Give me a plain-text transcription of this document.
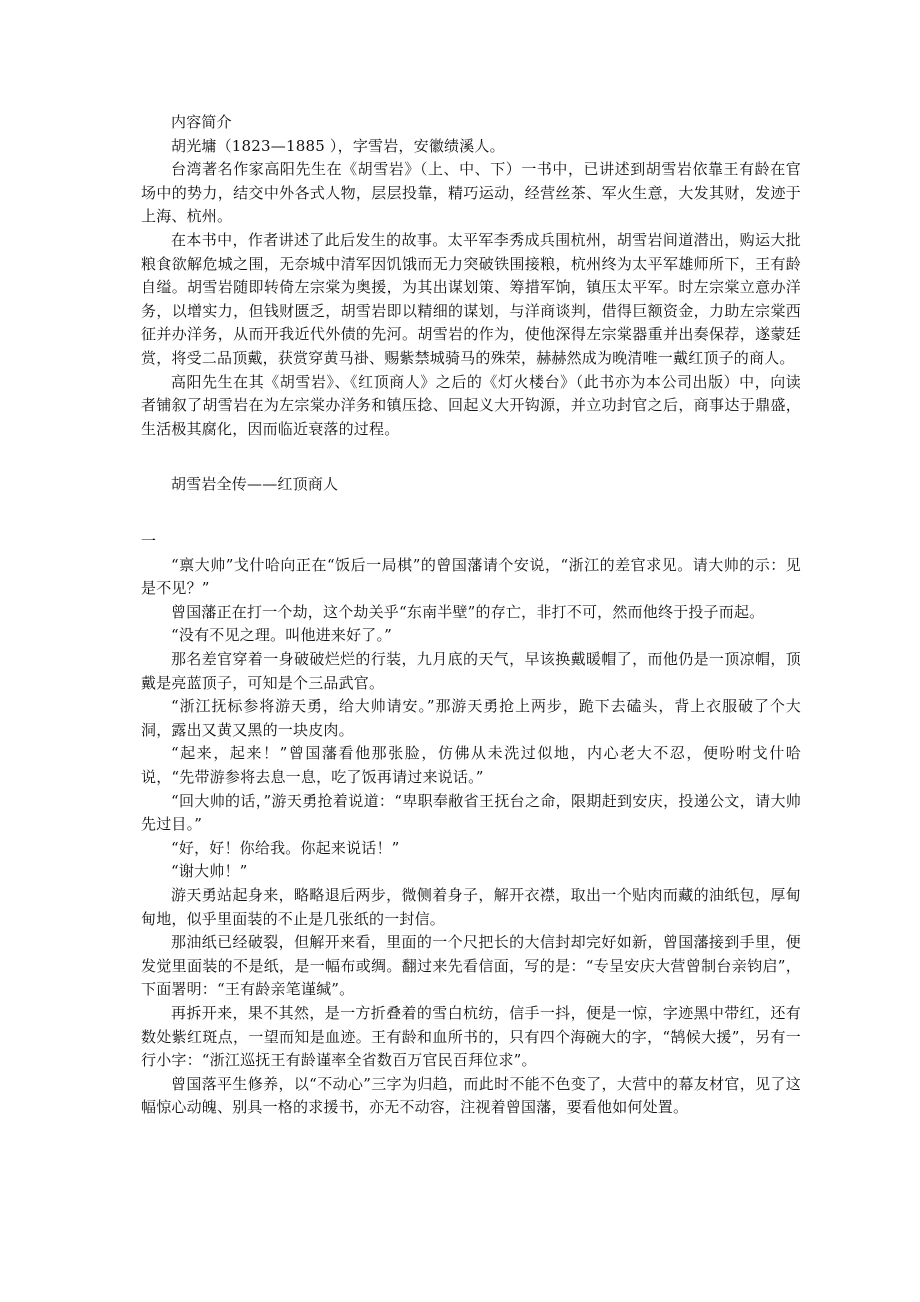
内容简介

胡光墉（1823—1885 ），字雪岩，安徽绩溪人。

台湾著名作家高阳先生在《胡雪岩》（上、中、下）一书中，已讲述到胡雪岩依靠王有龄在官场中的势力，结交中外各式人物，层层投靠，精巧运动，经营丝茶、军火生意，大发其财，发迹于上海、杭州。

在本书中，作者讲述了此后发生的故事。太平军李秀成兵围杭州，胡雪岩间道潜出，购运大批粮食欲解危城之围，无奈城中清军因饥饿而无力突破铁围接粮，杭州终为太平军雄师所下，王有龄自缢。胡雪岩随即转倚左宗棠为奥援，为其出谋划策、筹措军饷，镇压太平军。时左宗棠立意办洋务，以增实力，但钱财匮乏，胡雪岩即以精细的谋划，与洋商谈判，借得巨额资金，力助左宗棠西征并办洋务，从而开我近代外债的先河。胡雪岩的作为，使他深得左宗棠器重并出奏保荐，遂蒙廷赏，将受二品顶戴，获赏穿黄马褂、赐紫禁城骑马的殊荣，赫赫然成为晚清唯一戴红顶子的商人。

高阳先生在其《胡雪岩》、《红顶商人》之后的《灯火楼台》（此书亦为本公司出版）中，向读者铺叙了胡雪岩在为左宗棠办洋务和镇压捻、回起义大开钩源，并立功封官之后，商事达于鼎盛，生活极其腐化，因而临近衰落的过程。

胡雪岩全传——红顶商人

一

“禀大帅”戈什哈向正在“饭后一局棋”的曾国藩请个安说，“浙江的差官求见。请大帅的示：见是不见？”

曾国藩正在打一个劫，这个劫关乎“东南半壁”的存亡，非打不可，然而他终于投子而起。

“没有不见之理。叫他进来好了。”

那名差官穿着一身破破烂烂的行装，九月底的天气，早该换戴暖帽了，而他仍是一顶凉帽，顶戴是亮蓝顶子，可知是个三品武官。

“浙江抚标参将游天勇，给大帅请安。”那游天勇抢上两步，跪下去磕头，背上衣服破了个大洞，露出又黄又黑的一块皮肉。

“起来，起来！”曾国藩看他那张脸，仿佛从未洗过似地，内心老大不忍，便吩咐戈什哈说，“先带游参将去息一息，吃了饭再请过来说话。”

“回大帅的话，”游天勇抢着说道：“卑职奉敝省王抚台之命，限期赶到安庆，投递公文，请大帅先过目。”

“好，好！你给我。你起来说话！”

“谢大帅！”

游天勇站起身来，略略退后两步，微侧着身子，解开衣襟，取出一个贴肉而藏的油纸包，厚甸甸地，似乎里面装的不止是几张纸的一封信。

那油纸已经破裂，但解开来看，里面的一个尺把长的大信封却完好如新，曾国藩接到手里，便发觉里面装的不是纸，是一幅布或绸。翻过来先看信面，写的是：“专呈安庆大营曾制台亲钧启”，下面署明：“王有龄亲笔谨缄”。

再拆开来，果不其然，是一方折叠着的雪白杭纺，信手一抖，便是一惊，字迹黑中带红，还有数处紫红斑点，一望而知是血迹。王有龄和血所书的，只有四个海碗大的字，“鹄候大援”，另有一行小字：“浙江巡抚王有龄谨率全省数百万官民百拜位求”。

曾国落平生修养，以“不动心”三字为归趋，而此时不能不色变了，大营中的幕友材官，见了这幅惊心动魄、别具一格的求援书，亦无不动容，注视着曾国藩，要看他如何处置。
